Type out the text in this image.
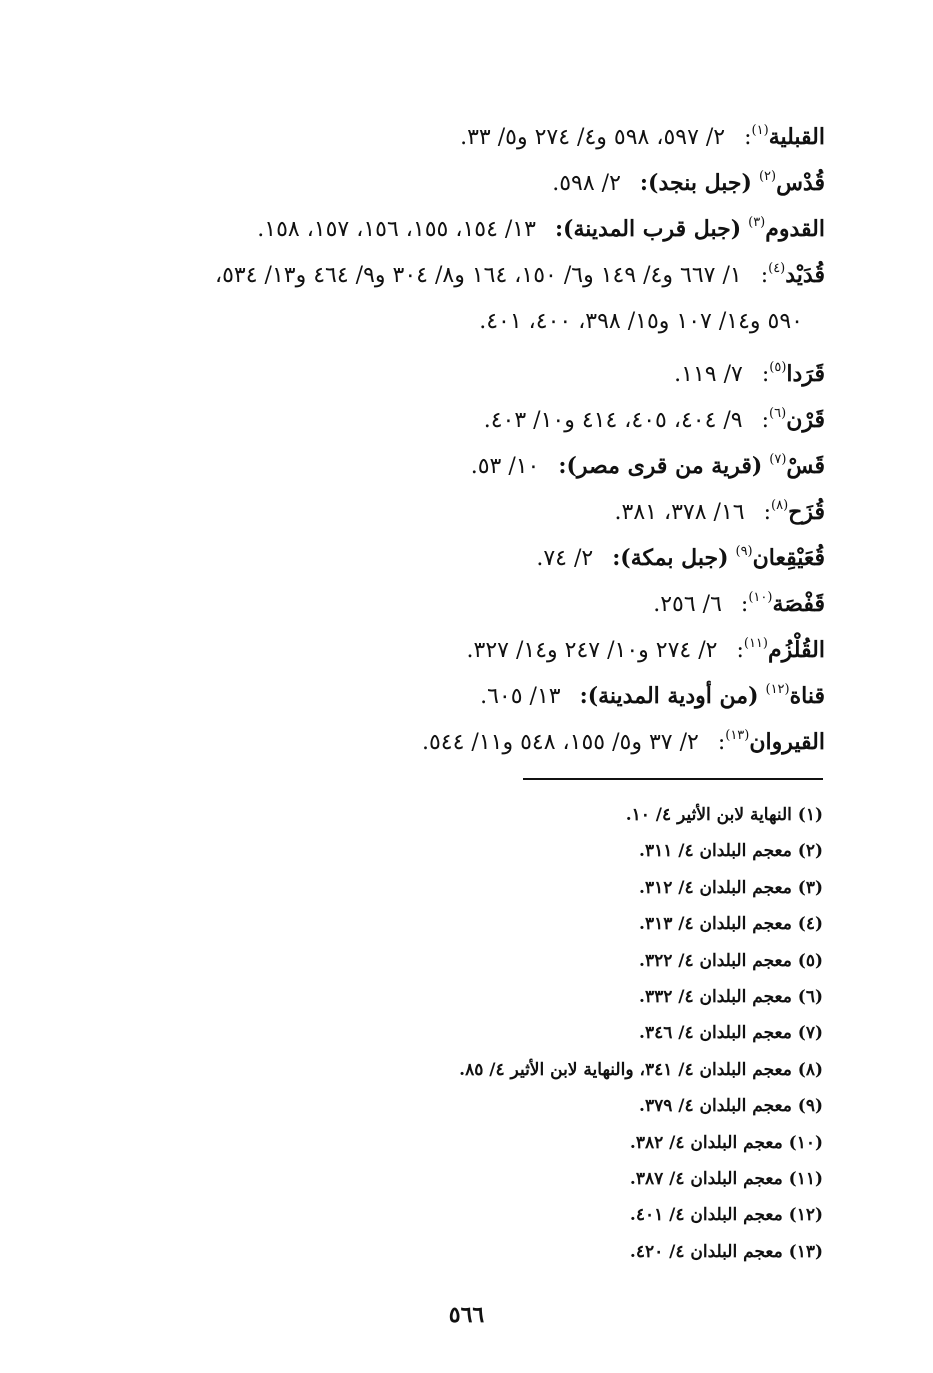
القبلية$^{(١)}$: ٢/ ٥٩٧، ٥٩٨ و٤/ ٢٧٤ و٥/ ٣٣.
قُدْس$^{(٢)}$ (جبل بنجد): ٢/ ٥٩٨.
القدوم$^{(٣)}$ (جبل قرب المدينة): ١٣/ ١٥٤، ١٥٥، ١٥٦، ١٥٧، ١٥٨.
قُدَيْد$^{(٤)}$: ١/ ٦٦٧ و٤/ ١٤٩ و٦/ ١٥٠، ١٦٤ و٨/ ٣٠٤ و٩/ ٤٦٤ و١٣/ ٥٣٤،
٥٩٠ و١٤/ ١٠٧ و١٥/ ٣٩٨، ٤٠٠، ٤٠١.
قَرَدا$^{(٥)}$: ٧/ ١١٩.
قَرْن$^{(٦)}$: ٩/ ٤٠٤، ٤٠٥، ٤١٤ و١٠/ ٤٠٣.
قَسْ$^{(٧)}$ (قرية من قرى مصر): ١٠/ ٥٣.
قُزَح$^{(٨)}$: ١٦/ ٣٧٨، ٣٨١.
قُعَيْقِعان$^{(٩)}$ (جبل بمكة): ٢/ ٧٤.
قَفْصَة$^{(١٠)}$: ٦/ ٢٥٦.
القُلْزُم$^{(١١)}$: ٢/ ٢٧٤ و١٠/ ٢٤٧ و١٤/ ٣٢٧.
قناة$^{(١٢)}$ (من أودية المدينة): ١٣/ ٦٠٥.
القيروان$^{(١٣)}$: ٢/ ٣٧ و٥/ ١٥٥، ٥٤٨ و١١/ ٥٤٤.
(١) النهاية لابن الأثير ٤/ ١٠.
(٢) معجم البلدان ٤/ ٣١١.
(٣) معجم البلدان ٤/ ٣١٢.
(٤) معجم البلدان ٤/ ٣١٣.
(٥) معجم البلدان ٤/ ٣٢٢.
(٦) معجم البلدان ٤/ ٣٣٢.
(٧) معجم البلدان ٤/ ٣٤٦.
(٨) معجم البلدان ٤/ ٣٤١، والنهاية لابن الأثير ٤/ ٨٥.
(٩) معجم البلدان ٤/ ٣٧٩.
(١٠) معجم البلدان ٤/ ٣٨٢.
(١١) معجم البلدان ٤/ ٣٨٧.
(١٢) معجم البلدان ٤/ ٤٠١.
(١٣) معجم البلدان ٤/ ٤٢٠.
٥٦٦
